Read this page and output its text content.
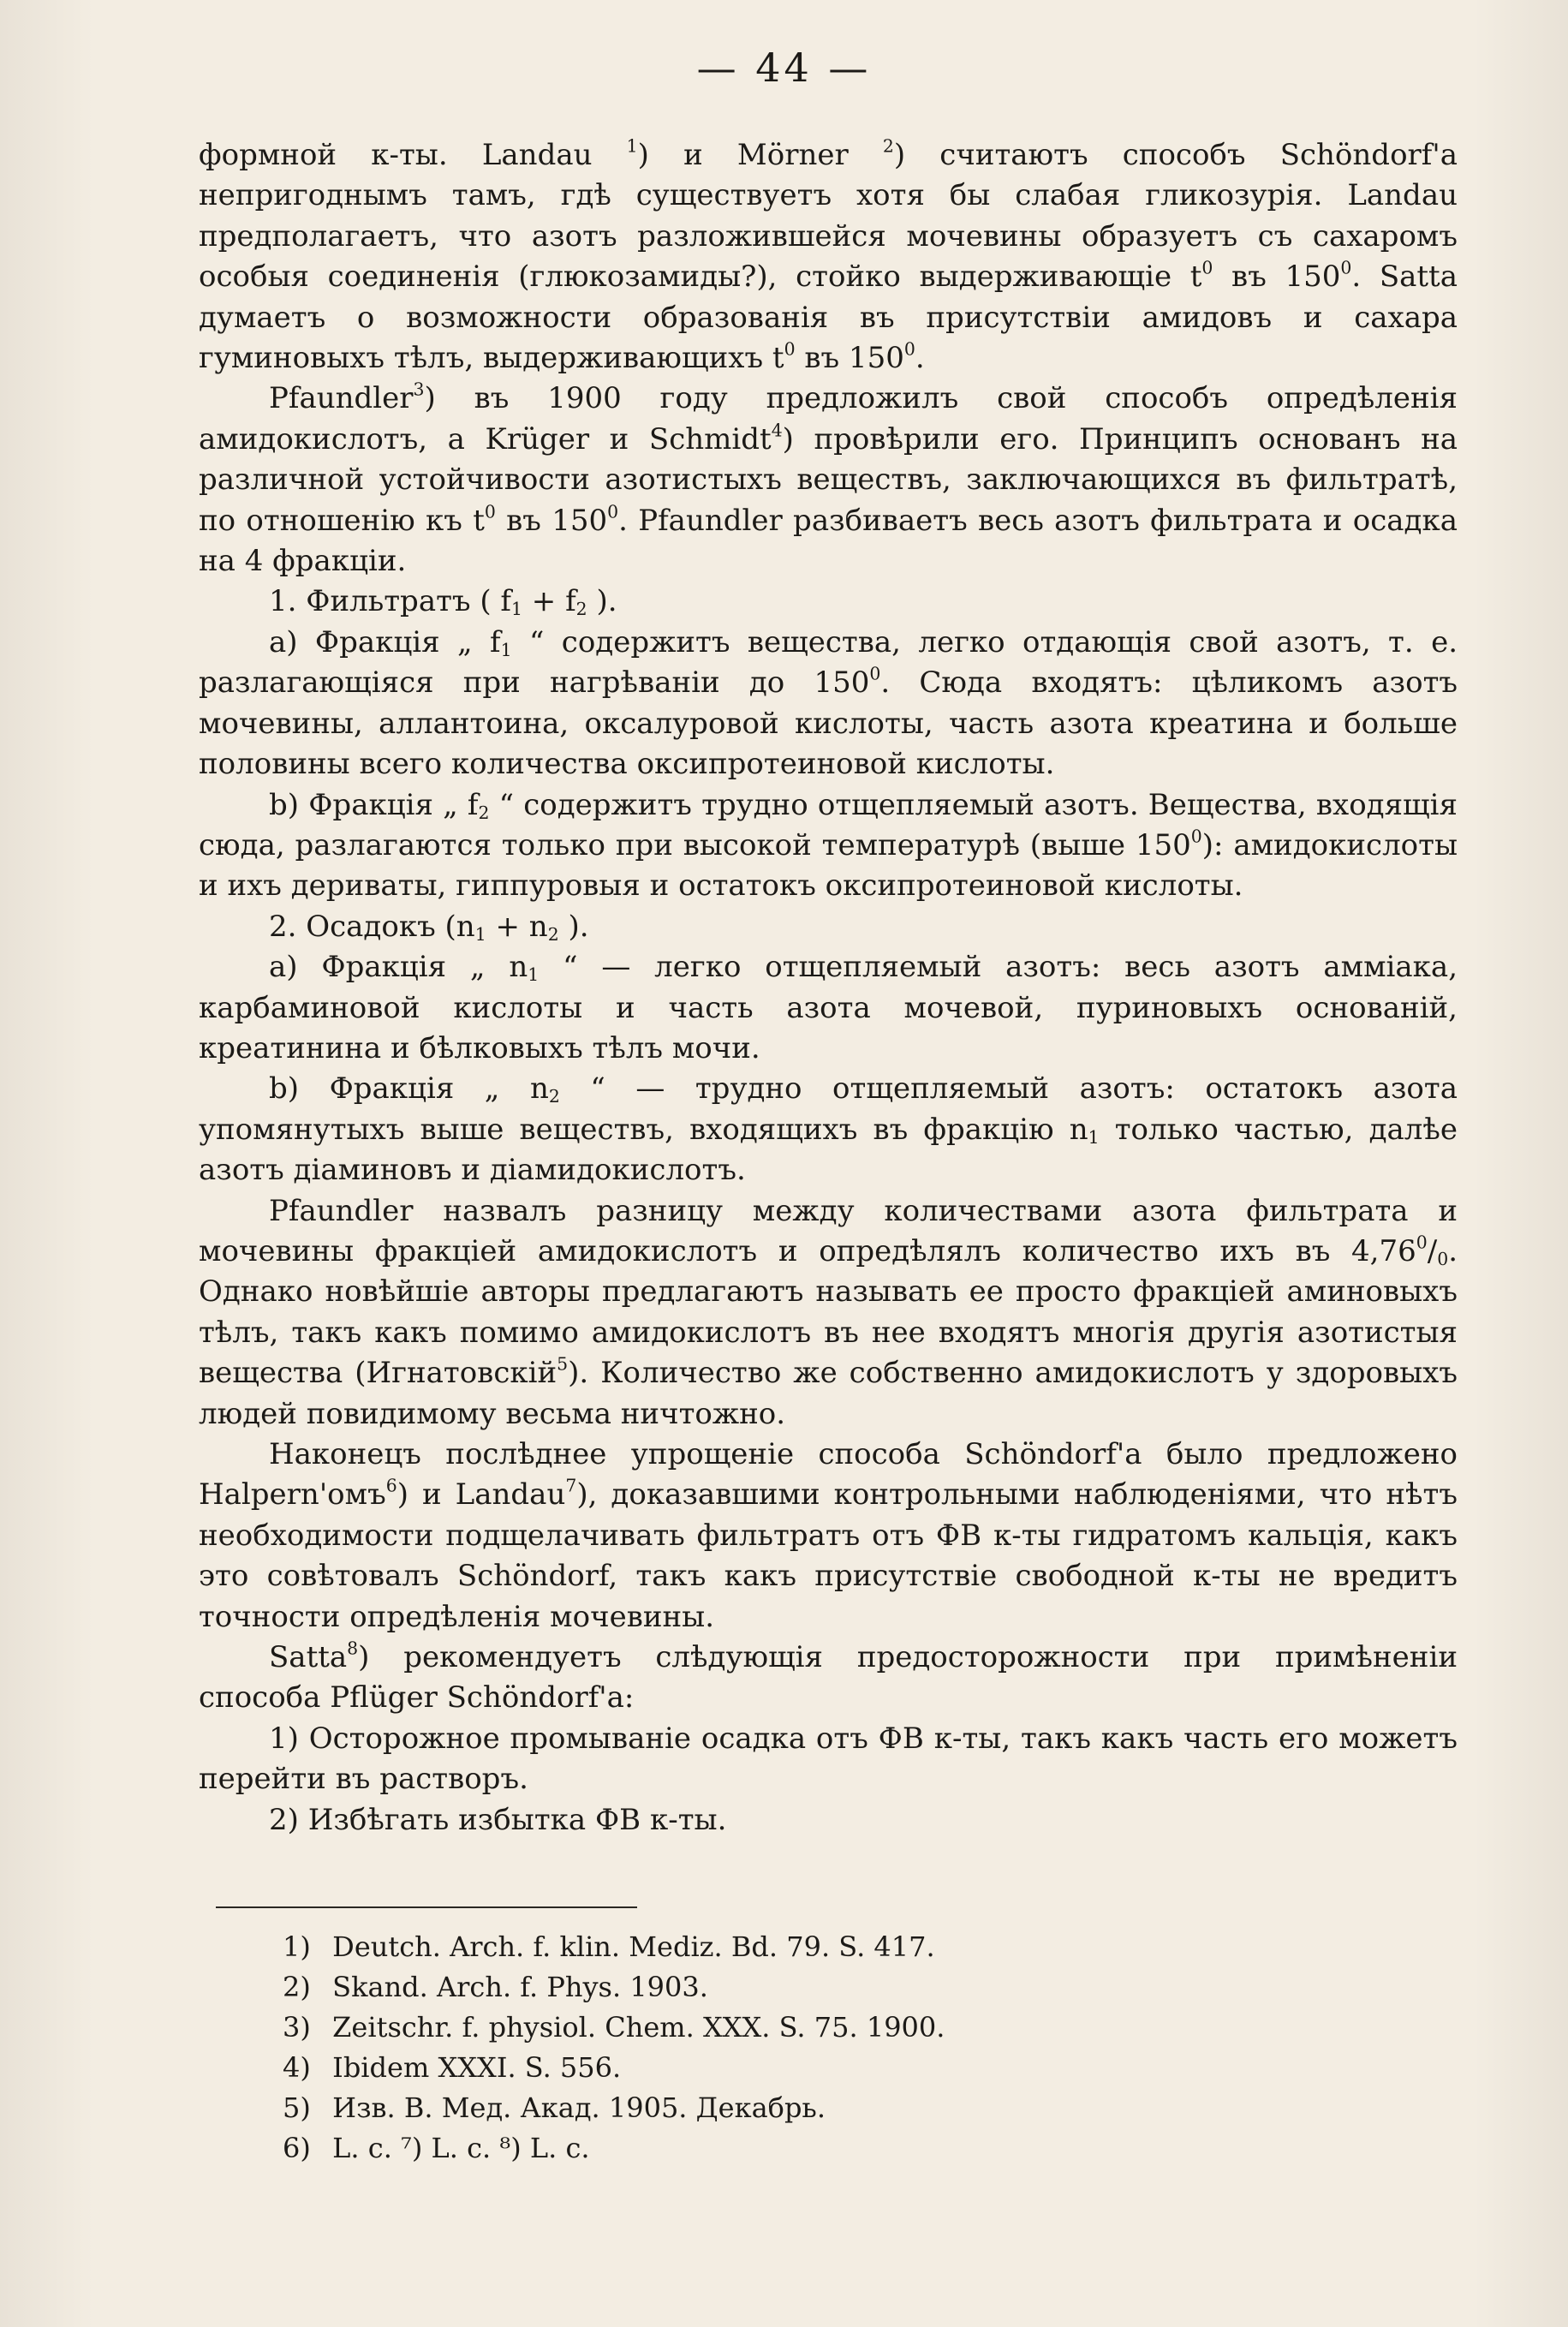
— 44 —

формной к-ты. Landau $^1$) и Mörner $^2$) считаютъ способъ Schöndorf'а непригоднымъ тамъ, гдѣ существуетъ хотя бы слабая гликозурія. Landau предполагаетъ, что азотъ разложившейся мочевины образуетъ съ сахаромъ особыя соединенія (глюкозамиды?), стойко выдерживающіе $t^0$ въ $150^0$. Satta думаетъ о возможности образованія въ присутствіи амидовъ и сахара гуминовыхъ тѣлъ, выдерживающихъ $t^0$ въ $150^0$.

Pfaundler$^3$) въ 1900 году предложилъ свой способъ опредѣленія амидокислотъ, а Krüger и Schmidt$^4$) провѣрили его. Принципъ основанъ на различной устойчивости азотистыхъ веществъ, заключающихся въ фильтратѣ, по отношенію къ $t^0$ въ $150^0$. Pfaundler разбиваетъ весь азотъ фильтрата и осадка на 4 фракціи.

1. Фильтратъ ( $f_1 + f_2$ ).

a) Фракція „ $f_1$ “ содержитъ вещества, легко отдающія свой азотъ, т. е. разлагающіяся при нагрѣваніи до $150^0$. Сюда входятъ: цѣликомъ азотъ мочевины, аллантоина, оксалуровой кислоты, часть азота креатина и больше половины всего количества оксипротеиновой кислоты.

b) Фракція „ $f_2$ “ содержитъ трудно отщепляемый азотъ. Вещества, входящія сюда, разлагаются только при высокой температурѣ (выше $150^0$): амидокислоты и ихъ дериваты, гиппуровыя и остатокъ оксипротеиновой кислоты.

2. Осадокъ ($n_1 + n_2$ ).

a) Фракція „ $n_1$ “ — легко отщепляемый азотъ: весь азотъ амміака, карбаминовой кислоты и часть азота мочевой, пуриновыхъ основаній, креатинина и бѣлковыхъ тѣлъ мочи.

b) Фракція „ $n_2$ “ — трудно отщепляемый азотъ: остатокъ азота упомянутыхъ выше веществъ, входящихъ въ фракцію $n_1$ только частью, далѣе азотъ діаминовъ и діамидокислотъ.

Pfaundler назвалъ разницу между количествами азота фильтрата и мочевины фракціей амидокислотъ и опредѣлялъ количество ихъ въ $4,76^0/_0$. Однако новѣйшіе авторы предлагаютъ называть ее просто фракціей аминовыхъ тѣлъ, такъ какъ помимо амидокислотъ въ нее входятъ многія другія азотистыя вещества (Игнатовскій$^5$). Количество же собственно амидокислотъ у здоровыхъ людей повидимому весьма ничтожно.

Наконецъ послѣднее упрощеніе способа Schöndorf'а было предложено Halpern'омъ$^6$) и Landau$^7$), доказавшими контрольными наблюденіями, что нѣтъ необходимости подщелачивать фильтратъ отъ ФВ к-ты гидратомъ кальція, какъ это совѣтовалъ Schöndorf, такъ какъ присутствіе свободной к-ты не вредитъ точности опредѣленія мочевины.

Satta$^8$) рекомендуетъ слѣдующія предосторожности при примѣненіи способа Pflüger Schöndorf'а:

1) Осторожное промываніе осадка отъ ФВ к-ты, такъ какъ часть его можетъ перейти въ растворъ.

2) Избѣгать избытка ФВ к-ты.

1) Deutch. Arch. f. klin. Mediz. Bd. 79. S. 417.

2) Skand. Arch. f. Phys. 1903.

3) Zeitschr. f. physiol. Chem. XXX. S. 75. 1900.

4) Ibidem XXXI. S. 556.

5) Изв. В. Мед. Акад. 1905. Декабрь.

6) L. c. ⁷) L. c. ⁸) L. c.
